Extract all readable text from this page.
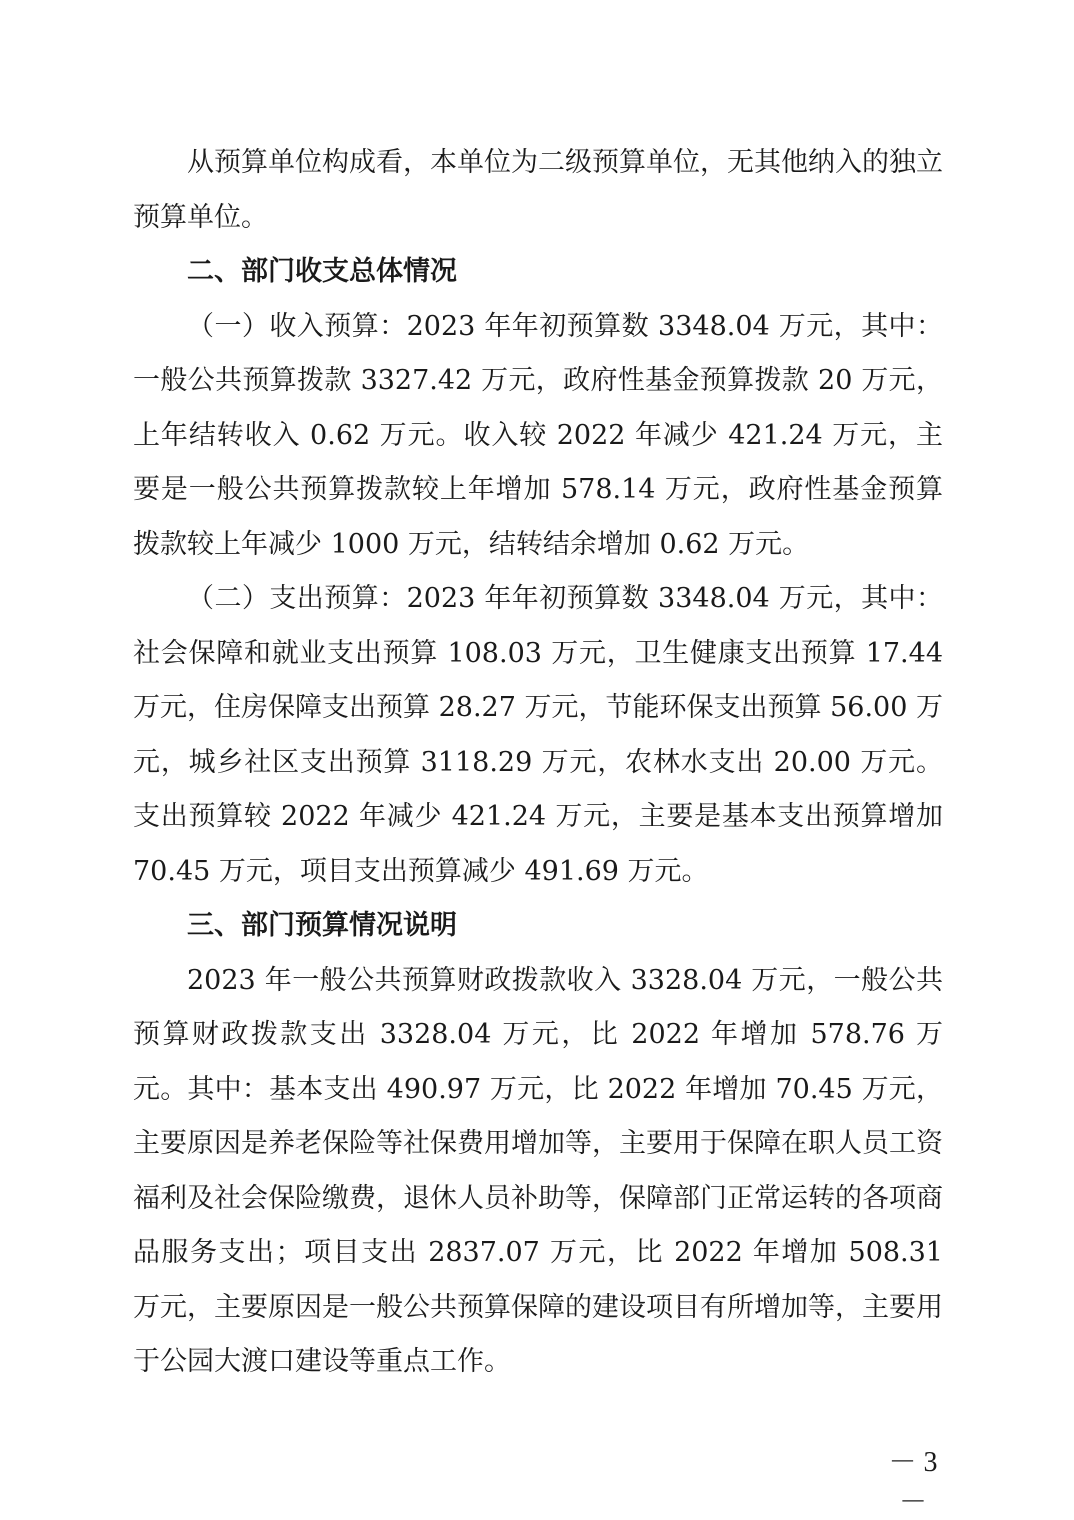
从预算单位构成看，本单位为二级预算单位，无其他纳入的独立预算单位。

二、部门收支总体情况

（一）收入预算：2023 年年初预算数 3348.04 万元，其中：一般公共预算拨款 3327.42 万元，政府性基金预算拨款 20 万元，上年结转收入 0.62 万元。收入较 2022 年减少 421.24 万元，主要是一般公共预算拨款较上年增加 578.14 万元，政府性基金预算拨款较上年减少 1000 万元，结转结余增加 0.62 万元。

（二）支出预算：2023 年年初预算数 3348.04 万元，其中：社会保障和就业支出预算 108.03 万元，卫生健康支出预算 17.44 万元，住房保障支出预算 28.27 万元，节能环保支出预算 56.00 万元，城乡社区支出预算 3118.29 万元，农林水支出 20.00 万元。支出预算较 2022 年减少 421.24 万元，主要是基本支出预算增加 70.45 万元，项目支出预算减少 491.69 万元。

三、部门预算情况说明

2023 年一般公共预算财政拨款收入 3328.04 万元，一般公共预算财政拨款支出 3328.04 万元，比 2022 年增加 578.76 万元。其中：基本支出 490.97 万元，比 2022 年增加 70.45 万元，主要原因是养老保险等社保费用增加等，主要用于保障在职人员工资福利及社会保险缴费，退休人员补助等，保障部门正常运转的各项商品服务支出；项目支出 2837.07 万元，比 2022 年增加 508.31 万元，主要原因是一般公共预算保障的建设项目有所增加等，主要用于公园大渡口建设等重点工作。

－ 3 －
